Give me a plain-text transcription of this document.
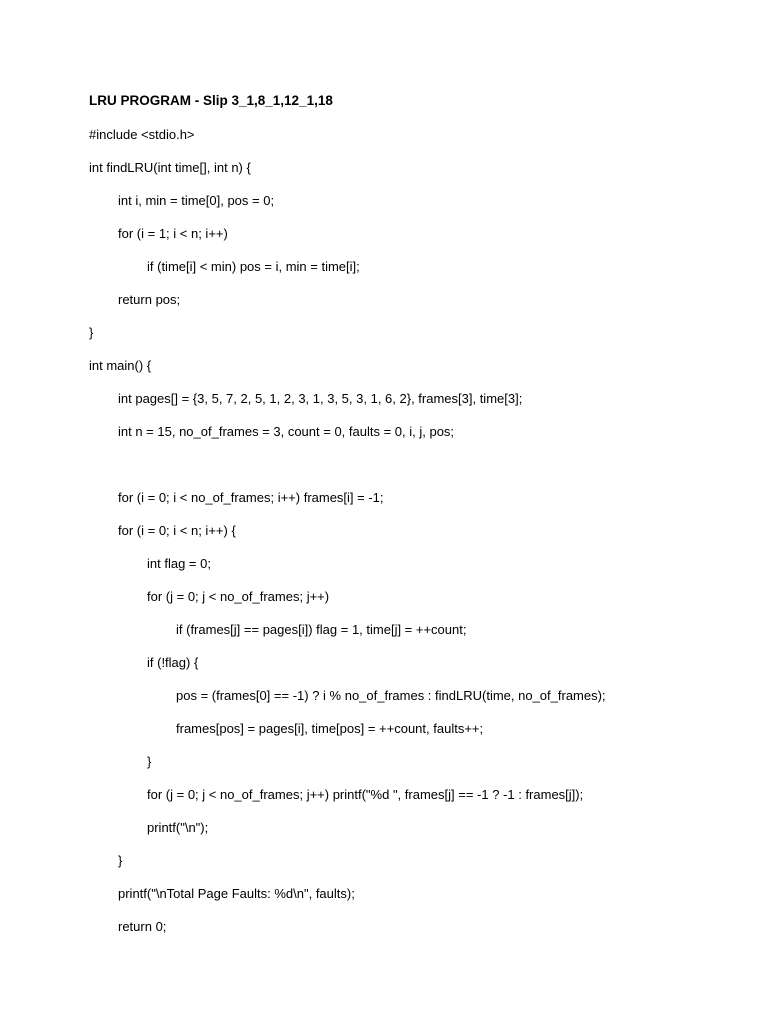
LRU PROGRAM - Slip 3_1,8_1,12_1,18
#include <stdio.h>
int findLRU(int time[], int n) {
int i, min = time[0], pos = 0;
for (i = 1; i < n; i++)
if (time[i] < min) pos = i, min = time[i];
return pos;
}
int main() {
int pages[] = {3, 5, 7, 2, 5, 1, 2, 3, 1, 3, 5, 3, 1, 6, 2}, frames[3], time[3];
int n = 15, no_of_frames = 3, count = 0, faults = 0, i, j, pos;
for (i = 0; i < no_of_frames; i++) frames[i] = -1;
for (i = 0; i < n; i++) {
int flag = 0;
for (j = 0; j < no_of_frames; j++)
if (frames[j] == pages[i]) flag = 1, time[j] = ++count;
if (!flag) {
pos = (frames[0] == -1) ? i % no_of_frames : findLRU(time, no_of_frames);
frames[pos] = pages[i], time[pos] = ++count, faults++;
}
for (j = 0; j < no_of_frames; j++) printf("%d ", frames[j] == -1 ? -1 : frames[j]);
printf("\n");
}
printf("\nTotal Page Faults: %d\n", faults);
return 0;
